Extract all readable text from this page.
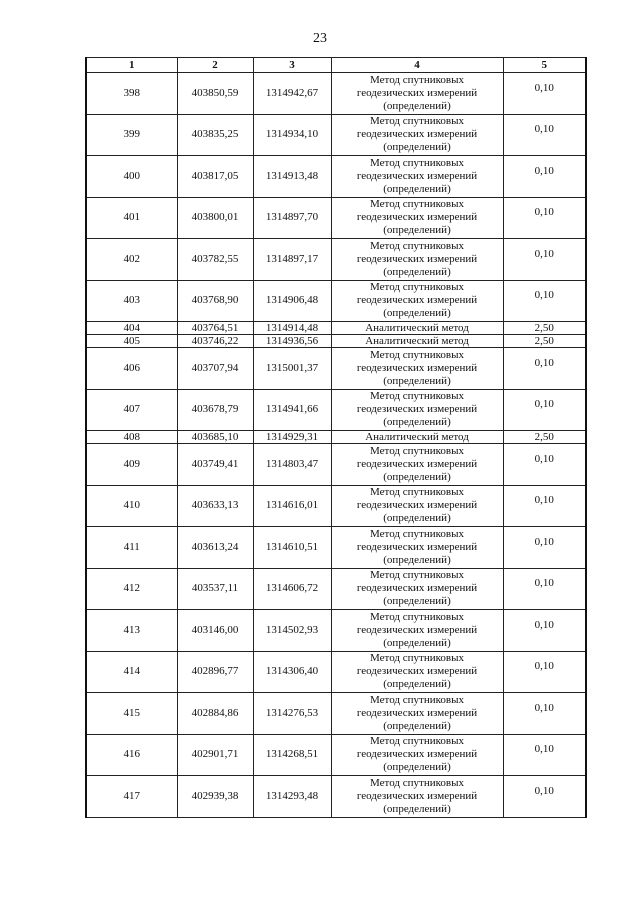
23
1	2	3	4	5
398	403850,59	1314942,67	Метод спутниковых
геодезических измерений
(определений)	0,10
399	403835,25	1314934,10	Метод спутниковых
геодезических измерений
(определений)	0,10
400	403817,05	1314913,48	Метод спутниковых
геодезических измерений
(определений)	0,10
401	403800,01	1314897,70	Метод спутниковых
геодезических измерений
(определений)	0,10
402	403782,55	1314897,17	Метод спутниковых
геодезических измерений
(определений)	0,10
403	403768,90	1314906,48	Метод спутниковых
геодезических измерений
(определений)	0,10
404	403764,51	1314914,48	Аналитический метод	2,50
405	403746,22	1314936,56	Аналитический метод	2,50
406	403707,94	1315001,37	Метод спутниковых
геодезических измерений
(определений)	0,10
407	403678,79	1314941,66	Метод спутниковых
геодезических измерений
(определений)	0,10
408	403685,10	1314929,31	Аналитический метод	2,50
409	403749,41	1314803,47	Метод спутниковых
геодезических измерений
(определений)	0,10
410	403633,13	1314616,01	Метод спутниковых
геодезических измерений
(определений)	0,10
411	403613,24	1314610,51	Метод спутниковых
геодезических измерений
(определений)	0,10
412	403537,11	1314606,72	Метод спутниковых
геодезических измерений
(определений)	0,10
413	403146,00	1314502,93	Метод спутниковых
геодезических измерений
(определений)	0,10
414	402896,77	1314306,40	Метод спутниковых
геодезических измерений
(определений)	0,10
415	402884,86	1314276,53	Метод спутниковых
геодезических измерений
(определений)	0,10
416	402901,71	1314268,51	Метод спутниковых
геодезических измерений
(определений)	0,10
417	402939,38	1314293,48	Метод спутниковых
геодезических измерений
(определений)	0,10
